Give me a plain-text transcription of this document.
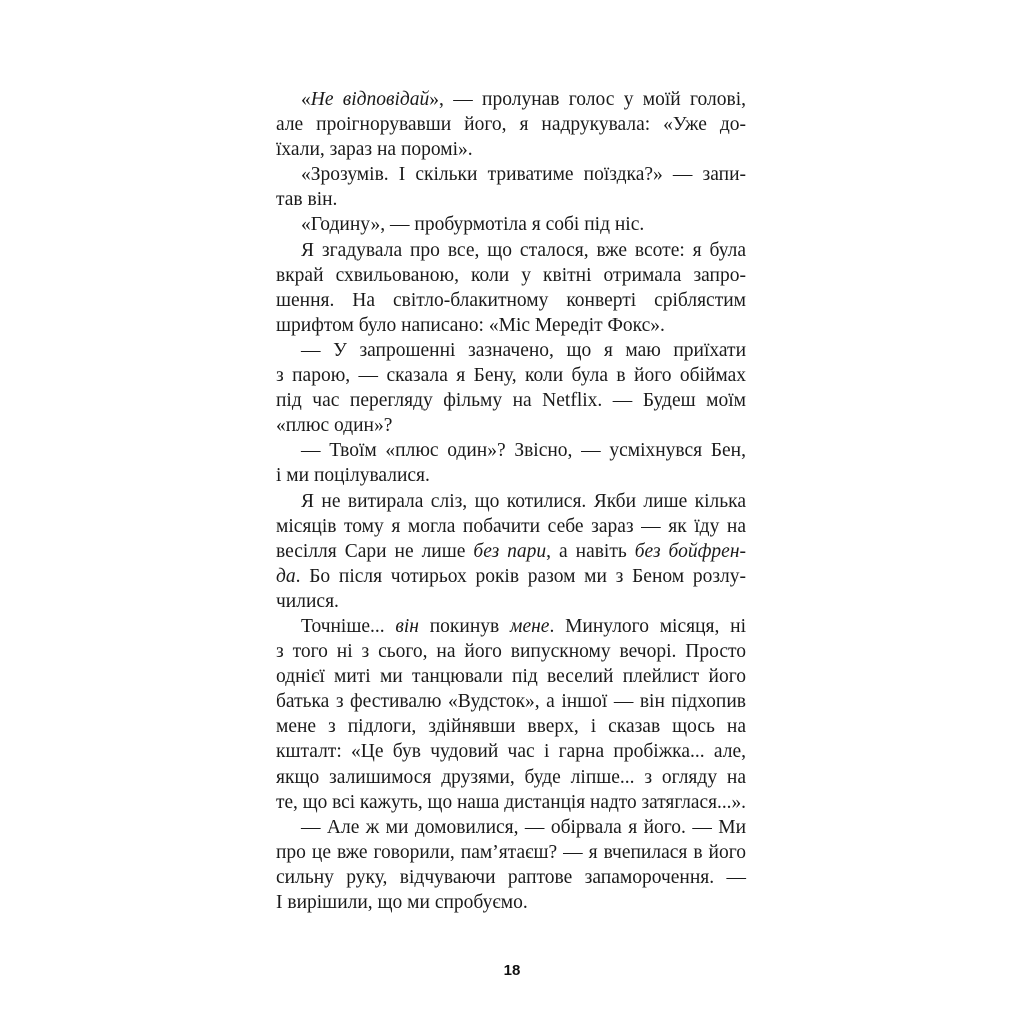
«Не відповідай», — пролунав голос у моїй голові,
але проігнорувавши його, я надрукувала: «Уже до-
їхали, зараз на поромі».
«Зрозумів. І скільки триватиме поїздка?» — запи-
тав він.
«Годину», — пробурмотіла я собі під ніс.
Я згадувала про все, що сталося, вже всоте: я була
вкрай схвильованою, коли у квітні отримала запро-
шення. На світло-блакитному конверті сріблястим
шрифтом було написано: «Міс Мередіт Фокс».
— У запрошенні зазначено, що я маю приїхати
з парою, — сказала я Бену, коли була в його обіймах
під час перегляду фільму на Netflix. — Будеш моїм
«плюс один»?
— Твоїм «плюс один»? Звісно, — усміхнувся Бен,
і ми поцілувалися.
Я не витирала сліз, що котилися. Якби лише кілька
місяців тому я могла побачити себе зараз — як їду на
весілля Сари не лише без пари, а навіть без бойфрен-
да. Бо після чотирьох років разом ми з Беном розлу-
чилися.
Точніше... він покинув мене. Минулого місяця, ні
з того ні з сього, на його випускному вечорі. Просто
однієї миті ми танцювали під веселий плейлист його
батька з фестивалю «Вудсток», а іншої — він підхопив
мене з підлоги, здійнявши вверх, і сказав щось на
кшталт: «Це був чудовий час і гарна пробіжка... але,
якщо залишимося друзями, буде ліпше... з огляду на
те, що всі кажуть, що наша дистанція надто затяглася...».
— Але ж ми домовилися, — обірвала я його. — Ми
про це вже говорили, пам’ятаєш? — я вчепилася в його
сильну руку, відчуваючи раптове запаморочення. —
І вирішили, що ми спробуємо.
18
